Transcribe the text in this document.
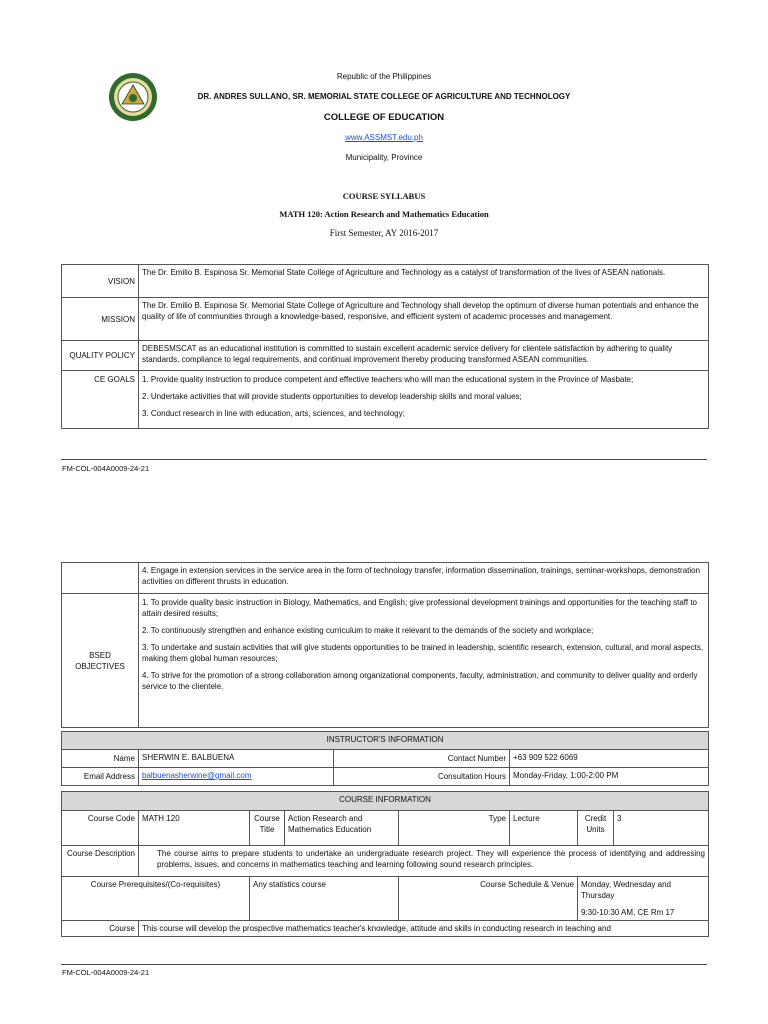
Republic of the Philippines
DR. ANDRES SULLANO, SR. MEMORIAL STATE COLLEGE OF AGRICULTURE AND TECHNOLOGY
COLLEGE OF EDUCATION
www.ASSMST.edu.ph
Municipality, Province
COURSE SYLLABUS
MATH 120: Action Research and Mathematics Education
First Semester, AY 2016-2017
VISION	The Dr. Emilio B. Espinosa Sr. Memorial State College of Agriculture and Technology as a catalyst of transformation of the lives of ASEAN nationals.
MISSION	The Dr. Emilio B. Espinosa Sr. Memorial State College of Agriculture and Technology shall develop the optimum of diverse human potentials and enhance the quality of life of communities through a knowledge-based, responsive, and efficient system of academic processes and management.
QUALITY POLICY	DEBESMSCAT as an educational institution is committed to sustain excellent academic service delivery for clientele satisfaction by adhering to quality standards, compliance to legal requirements, and continual improvement thereby producing transformed ASEAN communities.
CE GOALS	1. Provide quality instruction to produce competent and effective teachers who will man the educational system in the Province of Masbate;

2. Undertake activities that will provide students opportunities to develop leadership skills and moral values;

3. Conduct research in line with education, arts, sciences, and technology;

FM-COL-004A0009-24-21
	4. Engage in extension services in the service area in the form of technology transfer, information dissemination, trainings, seminar-workshops, demonstration activities on different thrusts in education.
BSED OBJECTIVES	1. To provide quality basic instruction in Biology, Mathematics, and English; give professional development trainings and opportunities for the teaching staff to attain desired results;

2. To continuously strengthen and enhance existing curriculum to make it relevant to the demands of the society and workplace;

3. To undertake and sustain activities that will give students opportunities to be trained in leadership, scientific research, extension, cultural, and moral aspects, making them global human resources;

4. To strive for the promotion of a strong collaboration among organizational components, faculty, administration, and community to deliver quality and orderly service to the clientele.

INSTRUCTOR'S INFORMATION			
Name	SHERWIN E. BALBUENA	Contact Number	+63 909 522 6069
Email Address	balbuenasherwine@gmail.com	Consultation Hours	Monday-Friday, 1:00-2:00 PM
COURSE INFORMATION							
Course Code	MATH 120	Course Title	Action Research and Mathematics Education	Type	Lecture	Credit Units	3
Course Description	The course aims to prepare students to undertake an undergraduate research project. They will experience the process of identifying and addressing problems, issues, and concerns in mathematics teaching and learning following sound research principles.						
Course Prerequisites/(Co-requisites)		Any statistics course		Course Schedule & Venue		Monday, Wednesday and Thursday
9:30-10:30 AM, CE Rm 17	

Course	This course will develop the prospective mathematics teacher's knowledge, attitude and skills in conducting research in teaching and						
FM-COL-004A0009-24-21
